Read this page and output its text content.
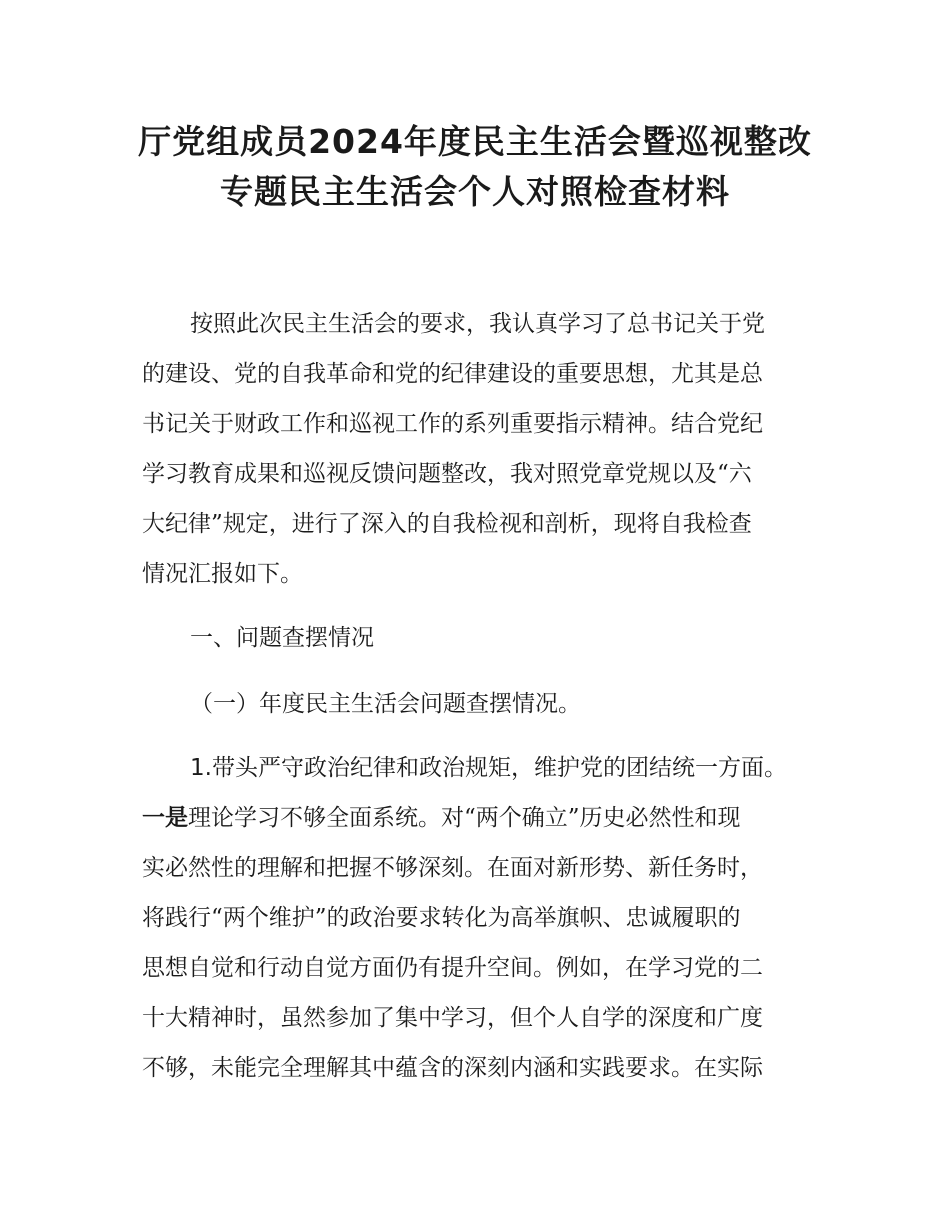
厅党组成员2024年度民主生活会暨巡视整改
专题民主生活会个人对照检查材料

按照此次民主生活会的要求，我认真学习了总书记关于党

的建设、党的自我革命和党的纪律建设的重要思想，尤其是总

书记关于财政工作和巡视工作的系列重要指示精神。结合党纪

学习教育成果和巡视反馈问题整改，我对照党章党规以及“六

大纪律”规定，进行了深入的自我检视和剖析，现将自我检查

情况汇报如下。

一、问题查摆情况

（一）年度民主生活会问题查摆情况。

1.带头严守政治纪律和政治规矩，维护党的团结统一方面。

一是理论学习不够全面系统。对“两个确立”历史必然性和现

实必然性的理解和把握不够深刻。在面对新形势、新任务时，

将践行“两个维护”的政治要求转化为高举旗帜、忠诚履职的

思想自觉和行动自觉方面仍有提升空间。例如，在学习党的二

十大精神时，虽然参加了集中学习，但个人自学的深度和广度

不够，未能完全理解其中蕴含的深刻内涵和实践要求。在实际
